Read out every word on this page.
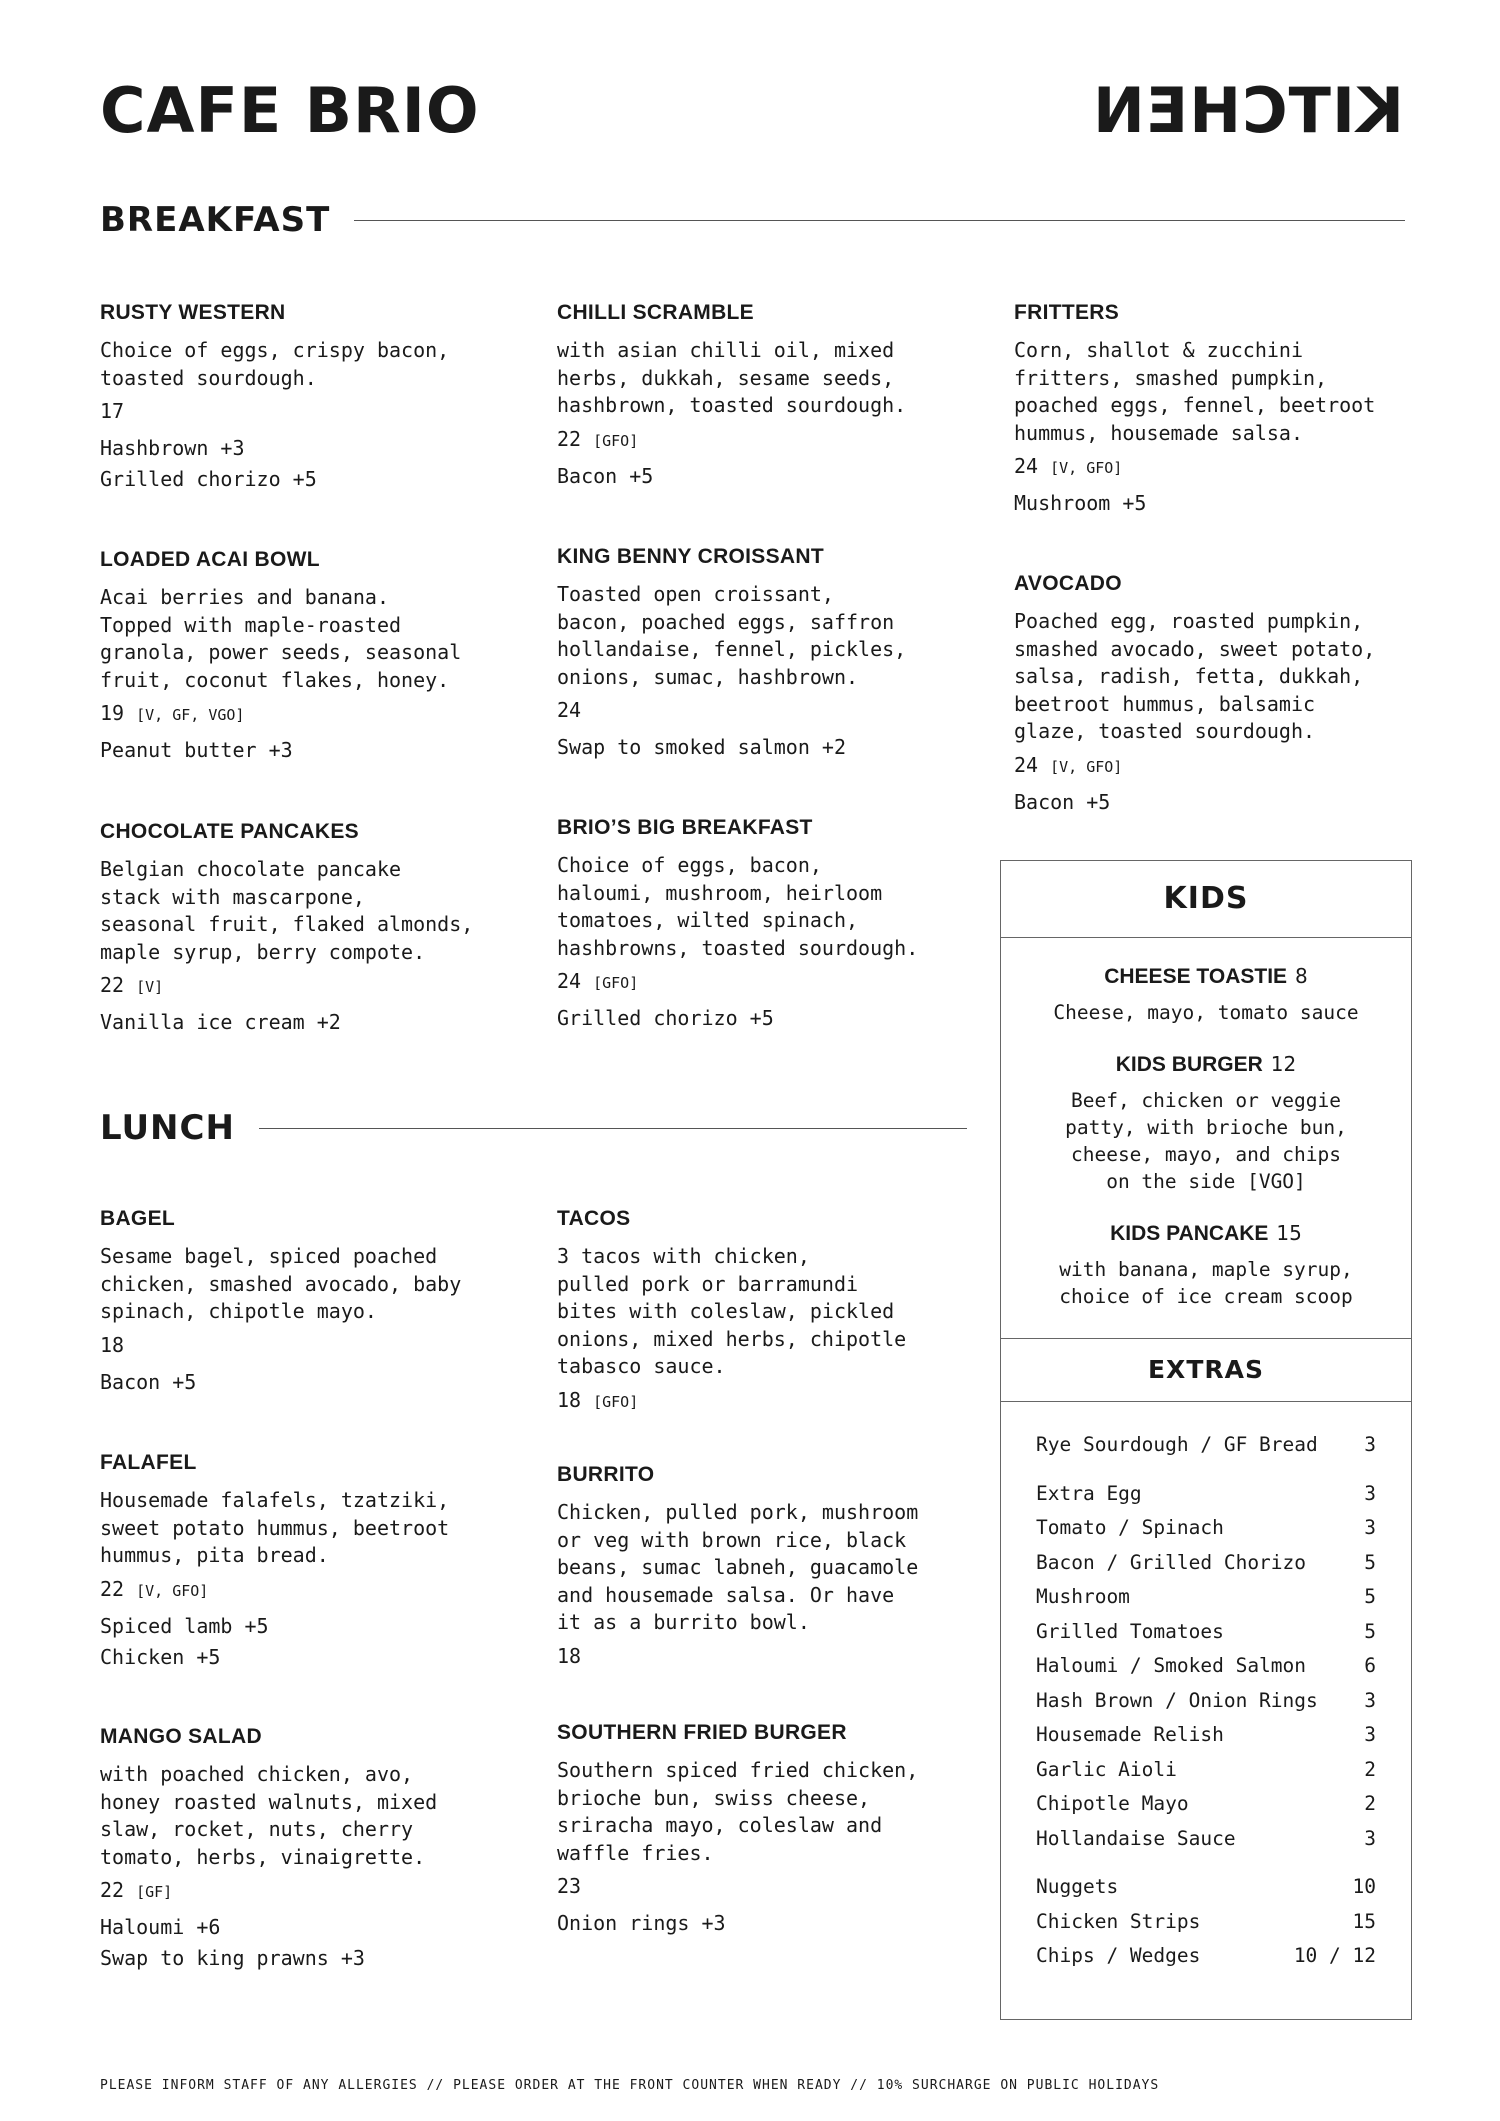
CAFE BRIO	KITCHEN
BREAKFAST
RUSTY WESTERN

Choice of eggs, crispy bacon,
toasted sourdough.

17
Hashbrown +3
Grilled chorizo +5
LOADED ACAI BOWL

Acai berries and banana.
Topped with maple-roasted
granola, power seeds, seasonal
fruit, coconut flakes, honey.

19 [V, GF, VGO]
Peanut butter +3
CHOCOLATE PANCAKES

Belgian chocolate pancake
stack with mascarpone,
seasonal fruit, flaked almonds,
maple syrup, berry compote.

22 [V]
Vanilla ice cream +2
CHILLI SCRAMBLE

with asian chilli oil, mixed
herbs, dukkah, sesame seeds,
hashbrown, toasted sourdough.

22 [GFO]
Bacon +5
KING BENNY CROISSANT

Toasted open croissant,
bacon, poached eggs, saffron
hollandaise, fennel, pickles,
onions, sumac, hashbrown.

24
Swap to smoked salmon +2
BRIO’S BIG BREAKFAST

Choice of eggs, bacon,
haloumi, mushroom, heirloom
tomatoes, wilted spinach,
hashbrowns, toasted sourdough.

24 [GFO]
Grilled chorizo +5
FRITTERS

Corn, shallot & zucchini
fritters, smashed pumpkin,
poached eggs, fennel, beetroot
hummus, housemade salsa.

24 [V, GFO]
Mushroom +5
AVOCADO

Poached egg, roasted pumpkin,
smashed avocado, sweet potato,
salsa, radish, fetta, dukkah,
beetroot hummus, balsamic
glaze, toasted sourdough.

24 [V, GFO]
Bacon +5
LUNCH
BAGEL

Sesame bagel, spiced poached
chicken, smashed avocado, baby
spinach, chipotle mayo.

18
Bacon +5
FALAFEL

Housemade falafels, tzatziki,
sweet potato hummus, beetroot
hummus, pita bread.

22 [V, GFO]
Spiced lamb +5
Chicken +5
MANGO SALAD

with poached chicken, avo,
honey roasted walnuts, mixed
slaw, rocket, nuts, cherry
tomato, herbs, vinaigrette.

22 [GF]
Haloumi +6
Swap to king prawns +3
TACOS

3 tacos with chicken,
pulled pork or barramundi
bites with coleslaw, pickled
onions, mixed herbs, chipotle
tabasco sauce.

18 [GFO]
BURRITO

Chicken, pulled pork, mushroom
or veg with brown rice, black
beans, sumac labneh, guacamole
and housemade salsa. Or have
it as a burrito bowl.

18
SOUTHERN FRIED BURGER

Southern spiced fried chicken,
brioche bun, swiss cheese,
sriracha mayo, coleslaw and
waffle fries.

23
Onion rings +3
KIDS
CHEESE TOASTIE 8

Cheese, mayo, tomato sauce

KIDS BURGER 12

Beef, chicken or veggie
patty, with brioche bun,
cheese, mayo, and chips
on the side [VGO]

KIDS PANCAKE 15

with banana, maple syrup,
choice of ice cream scoop

EXTRAS
Rye Sourdough / GF Bread 3
Extra Egg	3
Tomato / Spinach	3
Bacon / Grilled Chorizo	5
Mushroom	5
Grilled Tomatoes	5
Haloumi / Smoked Salmon	6
Hash Brown / Onion Rings 3
Housemade Relish	3
Garlic Aioli	2
Chipotle Mayo	2
Hollandaise Sauce	3
Nuggets	10
Chicken Strips	15
Chips / Wedges	10 / 12
PLEASE INFORM STAFF OF ANY ALLERGIES // PLEASE ORDER AT THE FRONT COUNTER WHEN READY // 10% SURCHARGE ON PUBLIC HOLIDAYS
